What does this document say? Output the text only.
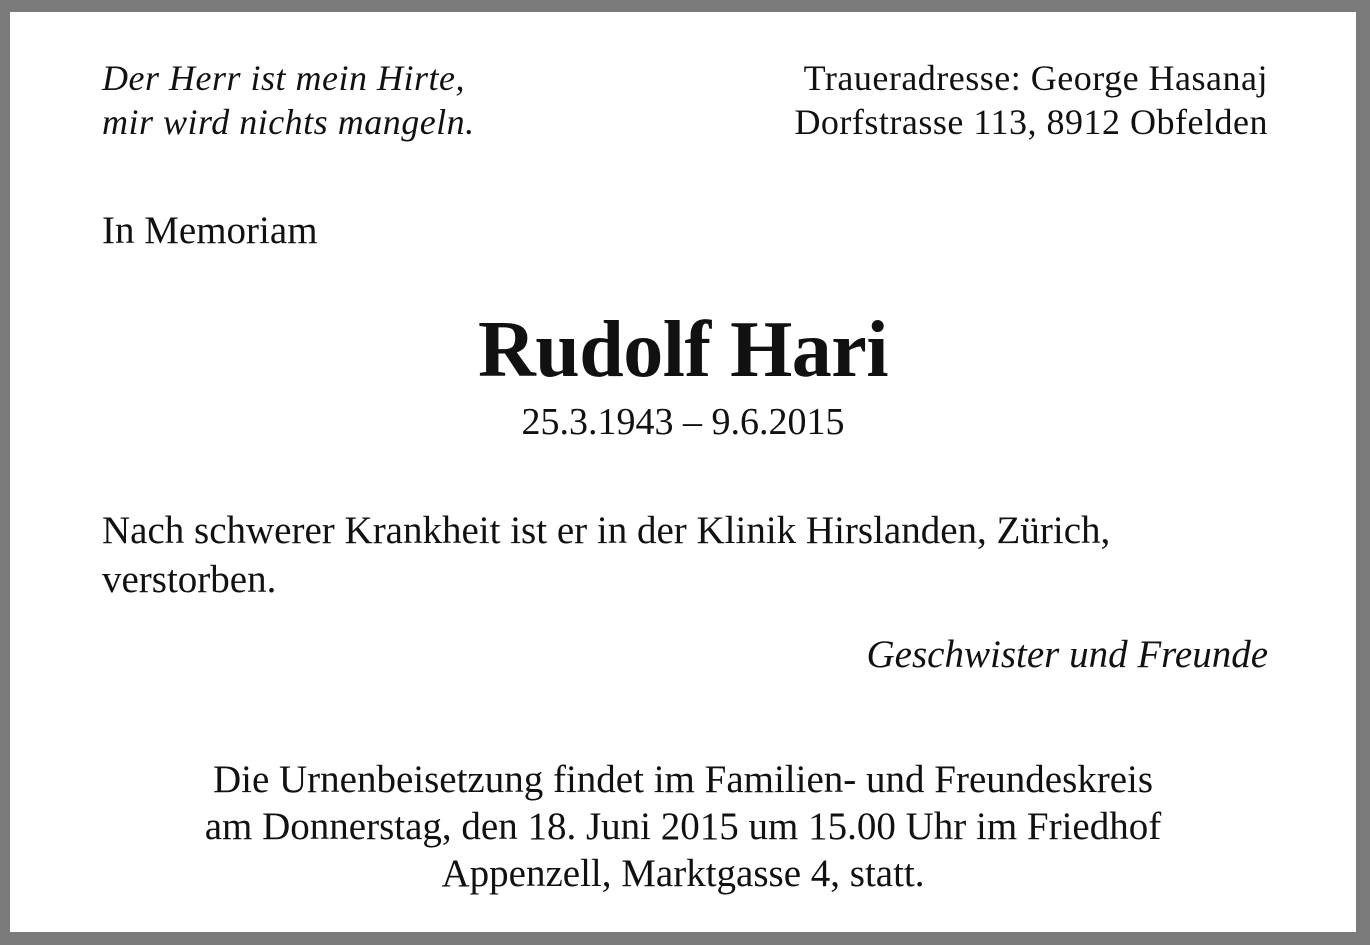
Der Herr ist mein Hirte,
mir wird nichts mangeln.
Traueradresse: George Hasanaj
Dorfstrasse 113, 8912 Obfelden
In Memoriam
Rudolf Hari
25.3.1943 – 9.6.2015
Nach schwerer Krankheit ist er in der Klinik Hirslanden, Zürich, verstorben.
Geschwister und Freunde
Die Urnenbeisetzung findet im Familien- und Freundeskreis
am Donnerstag, den 18. Juni 2015 um 15.00 Uhr im Friedhof
Appenzell, Marktgasse 4, statt.
